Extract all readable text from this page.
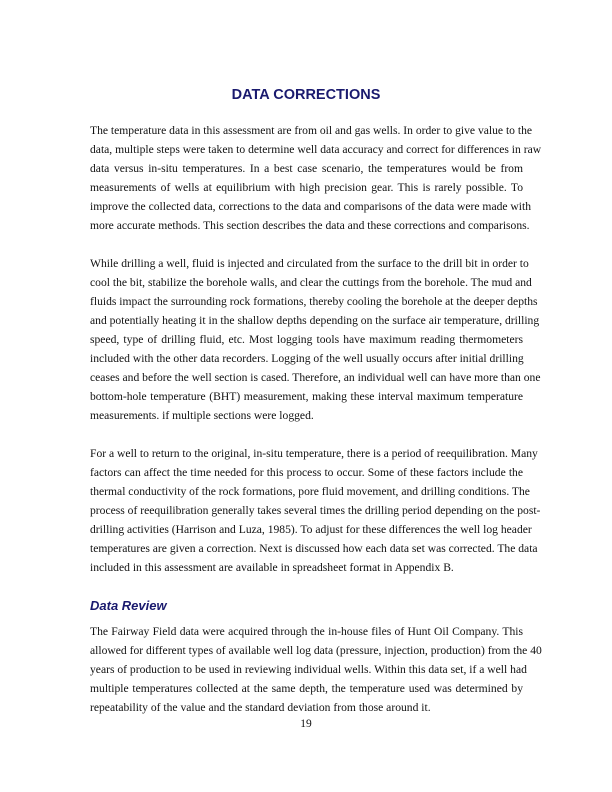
DATA CORRECTIONS
The temperature data in this assessment are from oil and gas wells. In order to give value to the
data, multiple steps were taken to determine well data accuracy and correct for differences in raw
data versus in-situ temperatures. In a best case scenario, the temperatures would be from
measurements of wells at equilibrium with high precision gear. This is rarely possible. To
improve the collected data, corrections to the data and comparisons of the data were made with
more accurate methods. This section describes the data and these corrections and comparisons.
While drilling a well, fluid is injected and circulated from the surface to the drill bit in order to
cool the bit, stabilize the borehole walls, and clear the cuttings from the borehole. The mud and
fluids impact the surrounding rock formations, thereby cooling the borehole at the deeper depths
and potentially heating it in the shallow depths depending on the surface air temperature, drilling
speed, type of drilling fluid, etc. Most logging tools have maximum reading thermometers
included with the other data recorders. Logging of the well usually occurs after initial drilling
ceases and before the well section is cased. Therefore, an individual well can have more than one
bottom-hole temperature (BHT) measurement, making these interval maximum temperature
measurements. if multiple sections were logged.
For a well to return to the original, in-situ temperature, there is a period of reequilibration. Many
factors can affect the time needed for this process to occur. Some of these factors include the
thermal conductivity of the rock formations, pore fluid movement, and drilling conditions. The
process of reequilibration generally takes several times the drilling period depending on the post-
drilling activities (Harrison and Luza, 1985). To adjust for these differences the well log header
temperatures are given a correction. Next is discussed how each data set was corrected. The data
included in this assessment are available in spreadsheet format in Appendix B.
Data Review
The Fairway Field data were acquired through the in-house files of Hunt Oil Company. This
allowed for different types of available well log data (pressure, injection, production) from the 40
years of production to be used in reviewing individual wells. Within this data set, if a well had
multiple temperatures collected at the same depth, the temperature used was determined by
repeatability of the value and the standard deviation from those around it.
19
